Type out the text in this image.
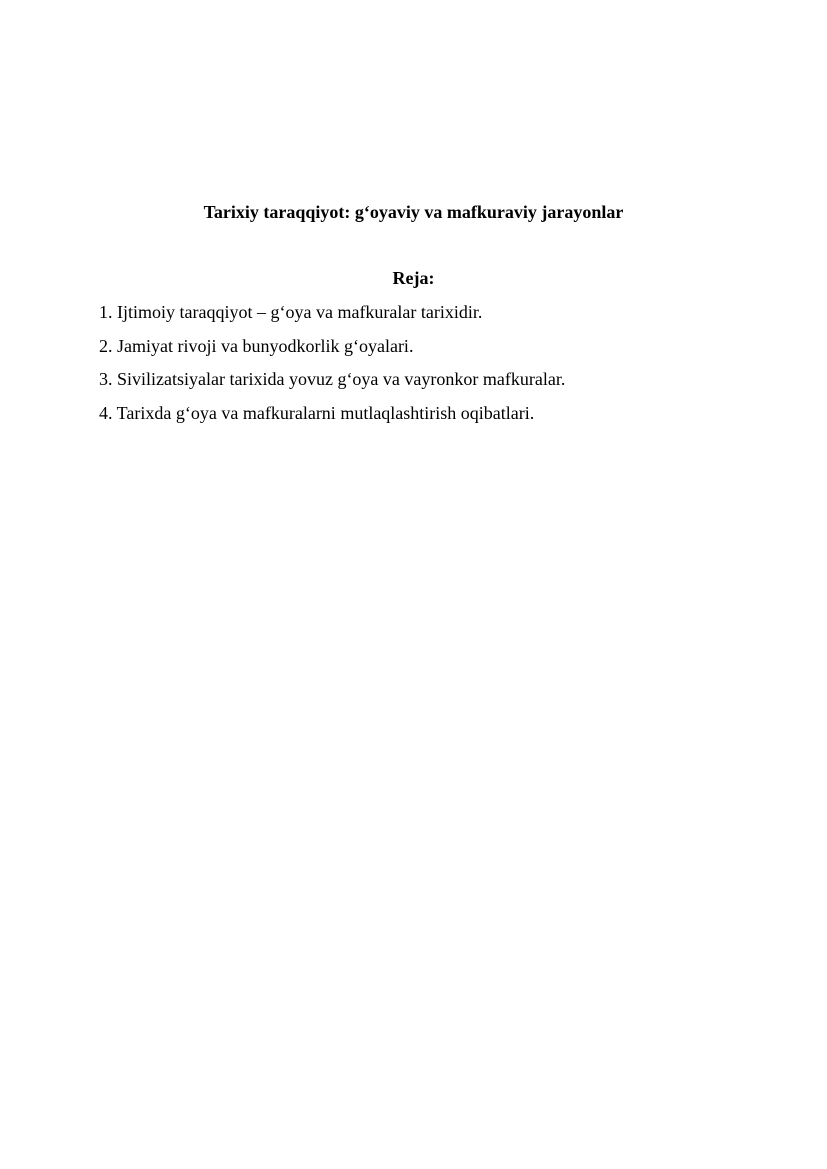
Tarixiy taraqqiyot: g‘oyaviy va mafkuraviy jarayonlar
Reja:
1. Ijtimoiy taraqqiyot – g‘oya va mafkuralar tarixidir.
2. Jamiyat rivoji va bunyodkorlik g‘oyalari.
3. Sivilizatsiyalar tarixida yovuz g‘oya va vayronkor mafkuralar.
4. Tarixda g‘oya va mafkuralarni mutlaqlashtirish oqibatlari.
